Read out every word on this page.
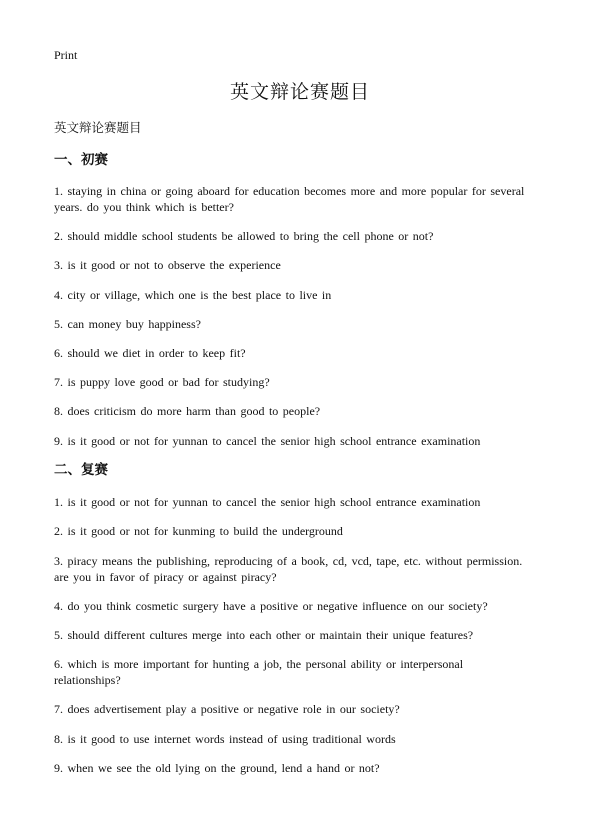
Print
英文辩论赛题目
英文辩论赛题目
一、初赛
1. staying in china or going aboard for education becomes more and more popular for several years. do you think which is better?
2. should middle school students be allowed to bring the cell phone or not?
3. is it good or not to observe the experience
4. city or village, which one is the best place to live in
5. can money buy happiness?
6. should we diet in order to keep fit?
7. is puppy love good or bad for studying?
8. does criticism do more harm than good to people?
9. is it good or not for yunnan to cancel the senior high school entrance examination
二、复赛
1. is it good or not for yunnan to cancel the senior high school entrance examination
2. is it good or not for kunming to build the underground
3. piracy means the publishing, reproducing of a book, cd, vcd, tape, etc. without permission. are you in favor of piracy or against piracy?
4. do you think cosmetic surgery have a positive or negative influence on our society?
5. should different cultures merge into each other or maintain their unique features?
6. which is more important for hunting a job, the personal ability or interpersonal relationships?
7. does advertisement play a positive or negative role in our society?
8. is it good to use internet words instead of using traditional words
9. when we see the old lying on the ground, lend a hand or not?
